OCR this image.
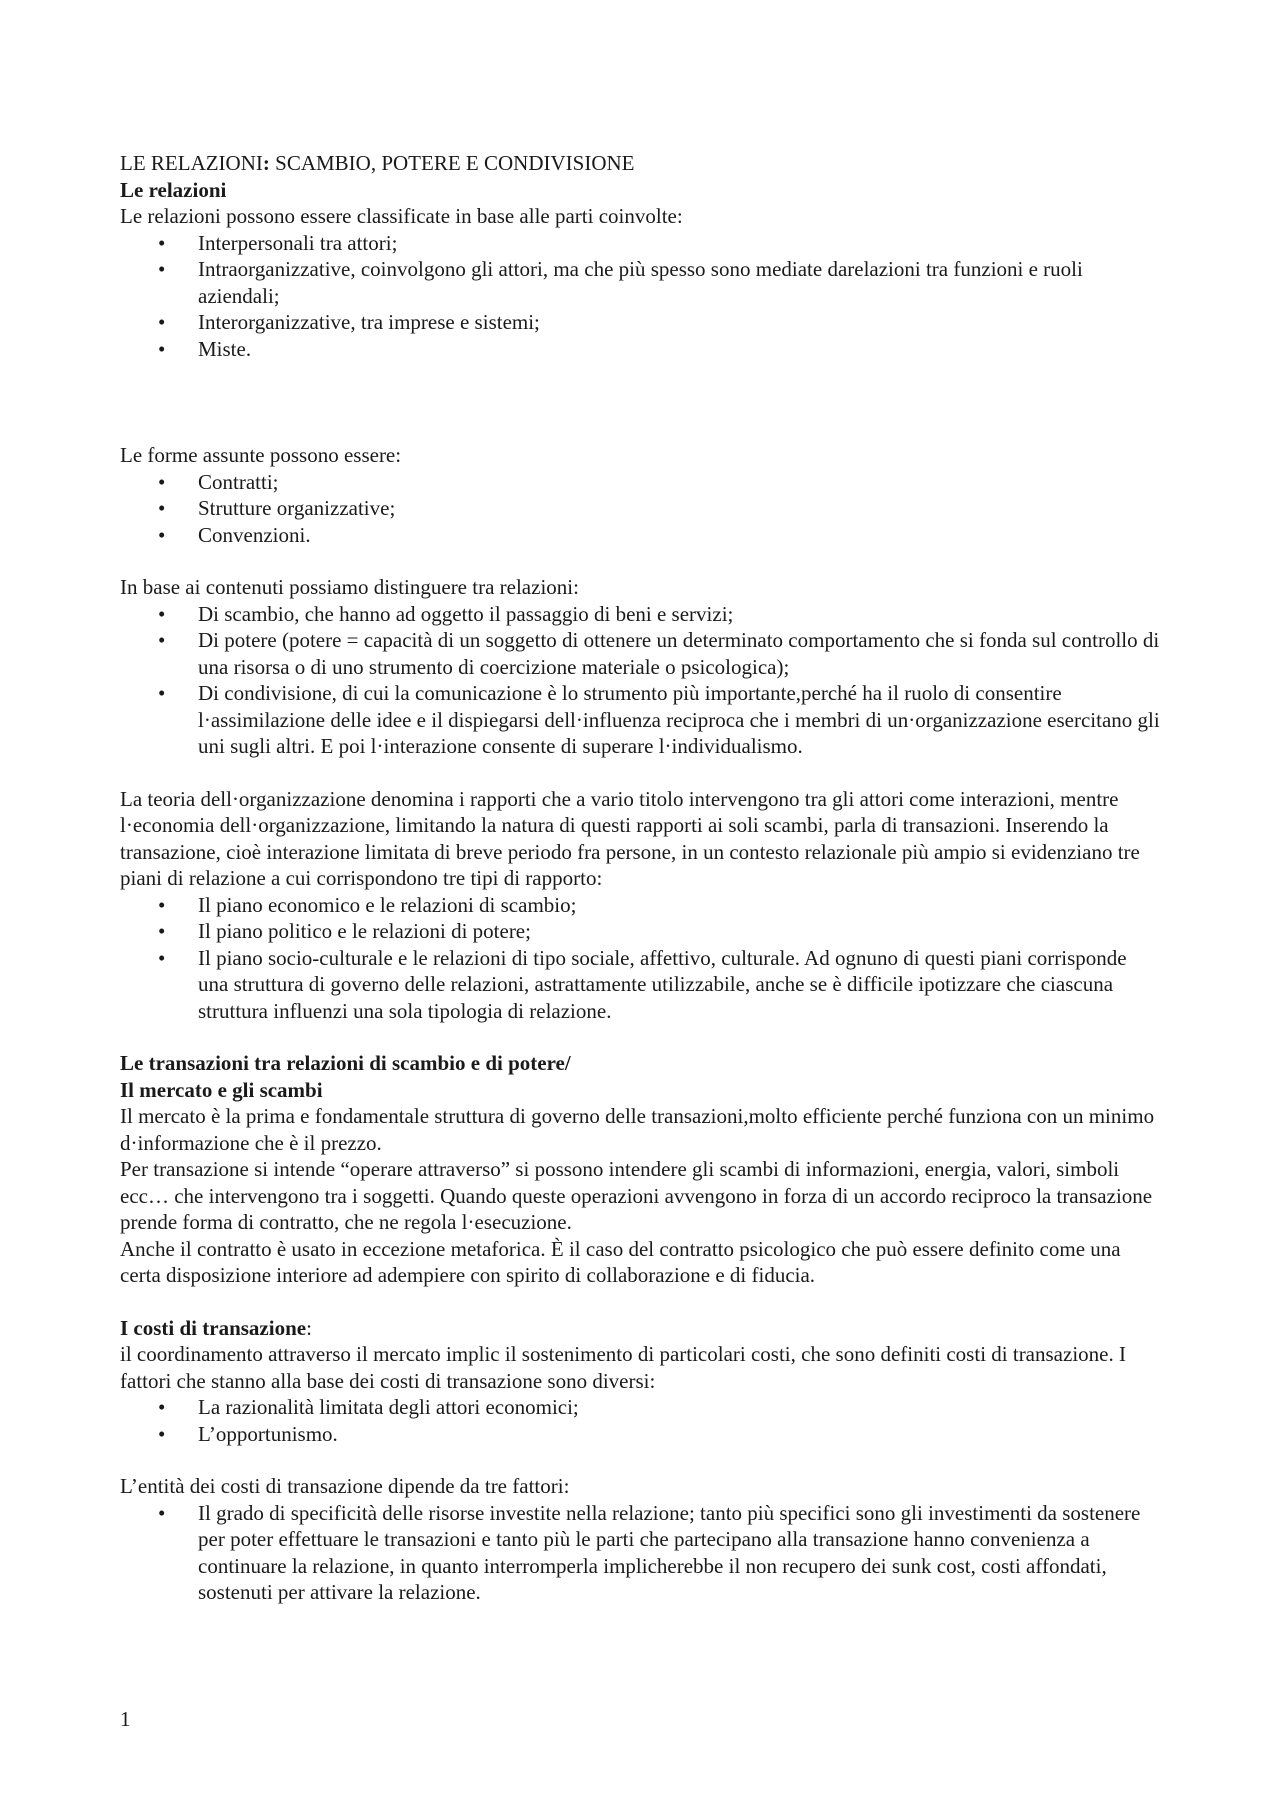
LE RELAZIONI: SCAMBIO, POTERE E CONDIVISIONE

Le relazioni

Le relazioni possono essere classificate in base alle parti coinvolte:

• Interpersonali tra attori;
• Intraorganizzative, coinvolgono gli attori, ma che più spesso sono mediate darelazioni tra funzioni e ruoli aziendali;
• Interorganizzative, tra imprese e sistemi;
• Miste.

Le forme assunte possono essere:

• Contratti;
• Strutture organizzative;
• Convenzioni.

In base ai contenuti possiamo distinguere tra relazioni:

• Di scambio, che hanno ad oggetto il passaggio di beni e servizi;
• Di potere (potere = capacità di un soggetto di ottenere un determinato comportamento che si fonda sul controllo di una risorsa o di uno strumento di coercizione materiale o psicologica);
• Di condivisione, di cui la comunicazione è lo strumento più importante,perché ha il ruolo di consentire l·assimilazione delle idee e il dispiegarsi dell·influenza reciproca che i membri di un·organizzazione esercitano gli uni sugli altri. E poi l·interazione consente di superare l·individualismo.

La teoria dell·organizzazione denomina i rapporti che a vario titolo intervengono tra gli attori come interazioni, mentre l·economia dell·organizzazione, limitando la natura di questi rapporti ai soli scambi, parla di transazioni. Inserendo la transazione, cioè interazione limitata di breve periodo fra persone, in un contesto relazionale più ampio si evidenziano tre piani di relazione a cui corrispondono tre tipi di rapporto:

• Il piano economico e le relazioni di scambio;
• Il piano politico e le relazioni di potere;
• Il piano socio-culturale e le relazioni di tipo sociale, affettivo, culturale. Ad ognuno di questi piani corrisponde una struttura di governo delle relazioni, astrattamente utilizzabile, anche se è difficile ipotizzare che ciascuna struttura influenzi una sola tipologia di relazione.

Le transazioni tra relazioni di scambio e di potere/

Il mercato e gli scambi

Il mercato è la prima e fondamentale struttura di governo delle transazioni,molto efficiente perché funziona con un minimo d·informazione che è il prezzo.

Per transazione si intende “operare attraverso” si possono intendere gli scambi di informazioni, energia, valori, simboli ecc… che intervengono tra i soggetti. Quando queste operazioni avvengono in forza di un accordo reciproco la transazione prende forma di contratto, che ne regola l·esecuzione.

Anche il contratto è usato in eccezione metaforica. È il caso del contratto psicologico che può essere definito come una certa disposizione interiore ad adempiere con spirito di collaborazione e di fiducia.

I costi di transazione:

il coordinamento attraverso il mercato implic il sostenimento di particolari costi, che sono definiti costi di transazione. I fattori che stanno alla base dei costi di transazione sono diversi:

• La razionalità limitata degli attori economici;
• L’opportunismo.

L’entità dei costi di transazione dipende da tre fattori:

• Il grado di specificità delle risorse investite nella relazione; tanto più specifici sono gli investimenti da sostenere per poter effettuare le transazioni e tanto più le parti che partecipano alla transazione hanno convenienza a continuare la relazione, in quanto interromperla implicherebbe il non recupero dei sunk cost, costi affondati, sostenuti per attivare la relazione.
1
